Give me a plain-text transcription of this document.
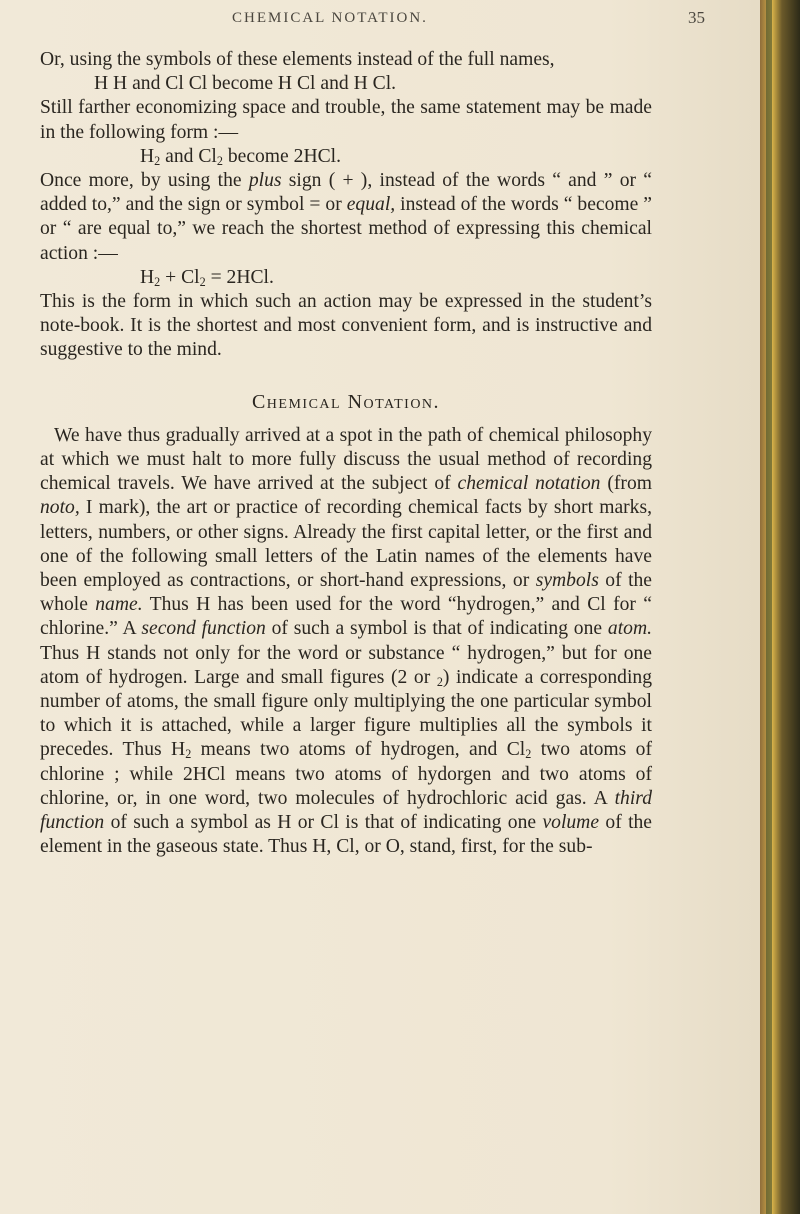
CHEMICAL NOTATION.	35

Or, using the symbols of these elements instead of the full names,

H H and Cl Cl become H Cl and H Cl.

Still farther economizing space and trouble, the same statement may be made in the following form :—

$H_2$ and $Cl_2$ become 2HCl.

Once more, by using the plus sign ( + ), instead of the words “ and ” or “ added to,” and the sign or symbol = or equal, instead of the words “ become ” or “ are equal to,” we reach the shortest method of expressing this chemical action :—

$H_2 + Cl_2 = 2HCl$.

This is the form in which such an action may be expressed in the student’s note-book. It is the shortest and most convenient form, and is instructive and suggestive to the mind.

Chemical Notation.

We have thus gradually arrived at a spot in the path of chemical philosophy at which we must halt to more fully discuss the usual method of recording chemical travels. We have arrived at the subject of chemical notation (from noto, I mark), the art or practice of recording chemical facts by short marks, letters, numbers, or other signs. Already the first capital letter, or the first and one of the following small letters of the Latin names of the elements have been employed as contractions, or short-hand expressions, or symbols of the whole name. Thus H has been used for the word “hydrogen,” and Cl for “ chlorine.” A second function of such a symbol is that of indicating one atom. Thus H stands not only for the word or substance “ hydrogen,” but for one atom of hydrogen. Large and small figures (2 or $_2$) indicate a corresponding number of atoms, the small figure only multiplying the one particular symbol to which it is attached, while a larger figure multiplies all the symbols it precedes. Thus $H_2$ means two atoms of hydrogen, and $Cl_2$ two atoms of chlorine ; while 2HCl means two atoms of hydorgen and two atoms of chlorine, or, in one word, two molecules of hydrochloric acid gas. A third function of such a symbol as H or Cl is that of indicating one volume of the element in the gaseous state. Thus H, Cl, or O, stand, first, for the sub-
